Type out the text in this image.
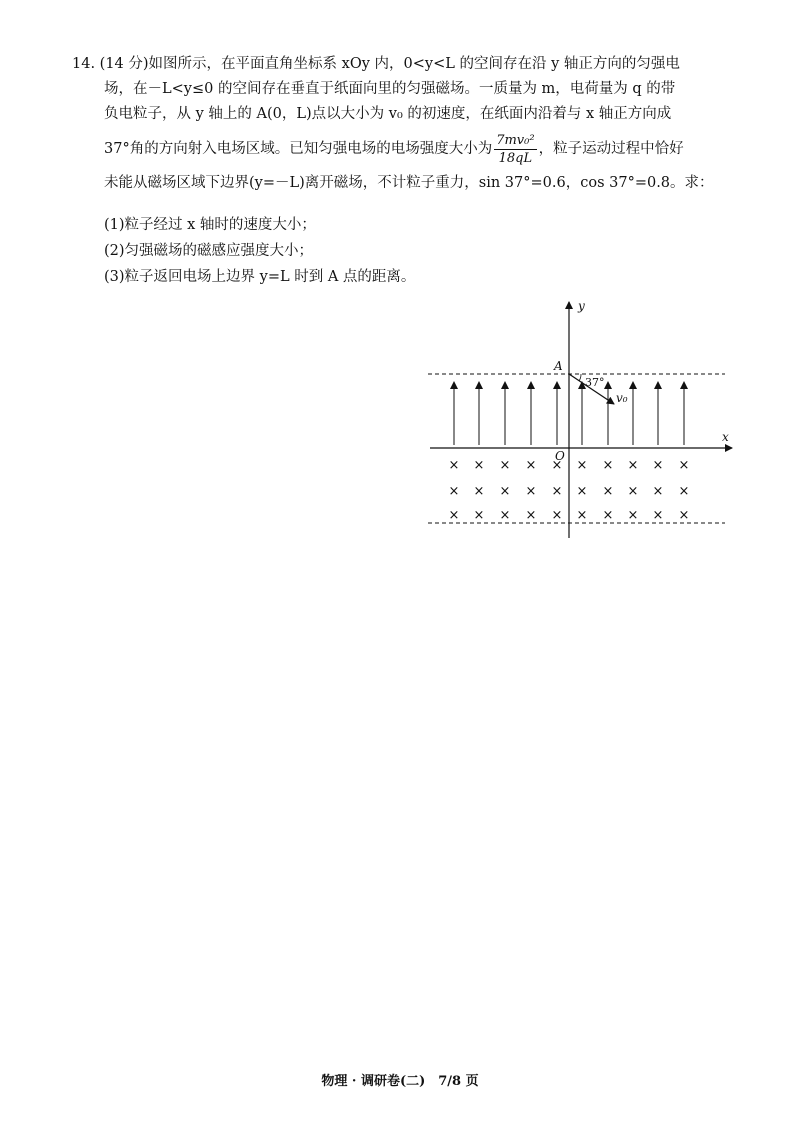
14. (14 分)如图所示，在平面直角坐标系 xOy 内，0<y<L 的空间存在沿 y 轴正方向的匀强电
场，在－L<y≤0 的空间存在垂直于纸面向里的匀强磁场。一质量为 m，电荷量为 q 的带
负电粒子，从 y 轴上的 A(0，L)点以大小为 v₀ 的初速度，在纸面内沿着与 x 轴正方向成
37°角的方向射入电场区域。已知匀强电场的电场强度大小为 $\frac{\text{7mv₀²}}{18qL}$ ，粒子运动过程中恰好
未能从磁场区域下边界(y=－L)离开磁场，不计粒子重力，sin 37°=0.6，cos 37°=0.8。求：
(1)粒子经过 x 轴时的速度大小；
(2)匀强磁场的磁感应强度大小；
(3)粒子返回电场上边界 y=L 时到 A 点的距离。
y
x
A
O
37°
v₀
× × × × × × × × × ×
× × × × × × × × × ×
× × × × × × × × × ×
物理 · 调研卷(二)　7/8 页
